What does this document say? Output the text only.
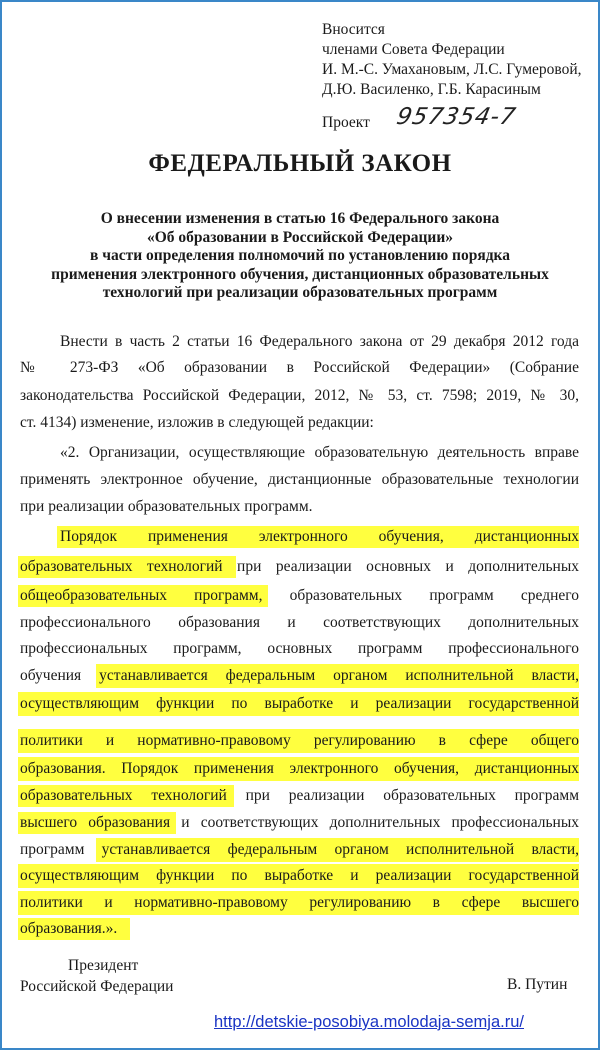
Вносится
членами Совета Федерации
И. М.-С. Умахановым, Л.С. Гумеровой,
Д.Ю. Василенко, Г.Б. Карасиным
Проект 957354-7
ФЕДЕРАЛЬНЫЙ ЗАКОН
О внесении изменения в статью 16 Федерального закона
«Об образовании в Российской Федерации»
в части определения полномочий по установлению порядка
применения электронного обучения, дистанционных образовательных
технологий при реализации образовательных программ
Внести в часть 2 статьи 16 Федерального закона от 29 декабря 2012 года
№ 273-ФЗ «Об образовании в Российской Федерации» (Собрание
законодательства Российской Федерации, 2012, № 53, ст. 7598; 2019, № 30,
ст. 4134) изменение, изложив в следующей редакции:
«2. Организации, осуществляющие образовательную деятельность вправе
применять электронное обучение, дистанционные образовательные технологии
при реализации образовательных программ.
Порядок применения электронного обучения, дистанционных
образовательных технологий при реализации основных и дополнительных
общеобразовательных программ, образовательных программ среднего
профессионального образования и соответствующих дополнительных
профессиональных программ, основных программ профессионального
обучения устанавливается федеральным органом исполнительной власти,
осуществляющим функции по выработке и реализации государственной
политики и нормативно-правовому регулированию в сфере общего
образования. Порядок применения электронного обучения, дистанционных
образовательных технологий при реализации образовательных программ
высшего образования и соответствующих дополнительных профессиональных
программ устанавливается федеральным органом исполнительной власти,
осуществляющим функции по выработке и реализации государственной
политики и нормативно-правовому регулированию в сфере высшего
образования.».
Президент
Российской Федерации	В. Путин
http://detskie-posobiya.molodaja-semja.ru/
